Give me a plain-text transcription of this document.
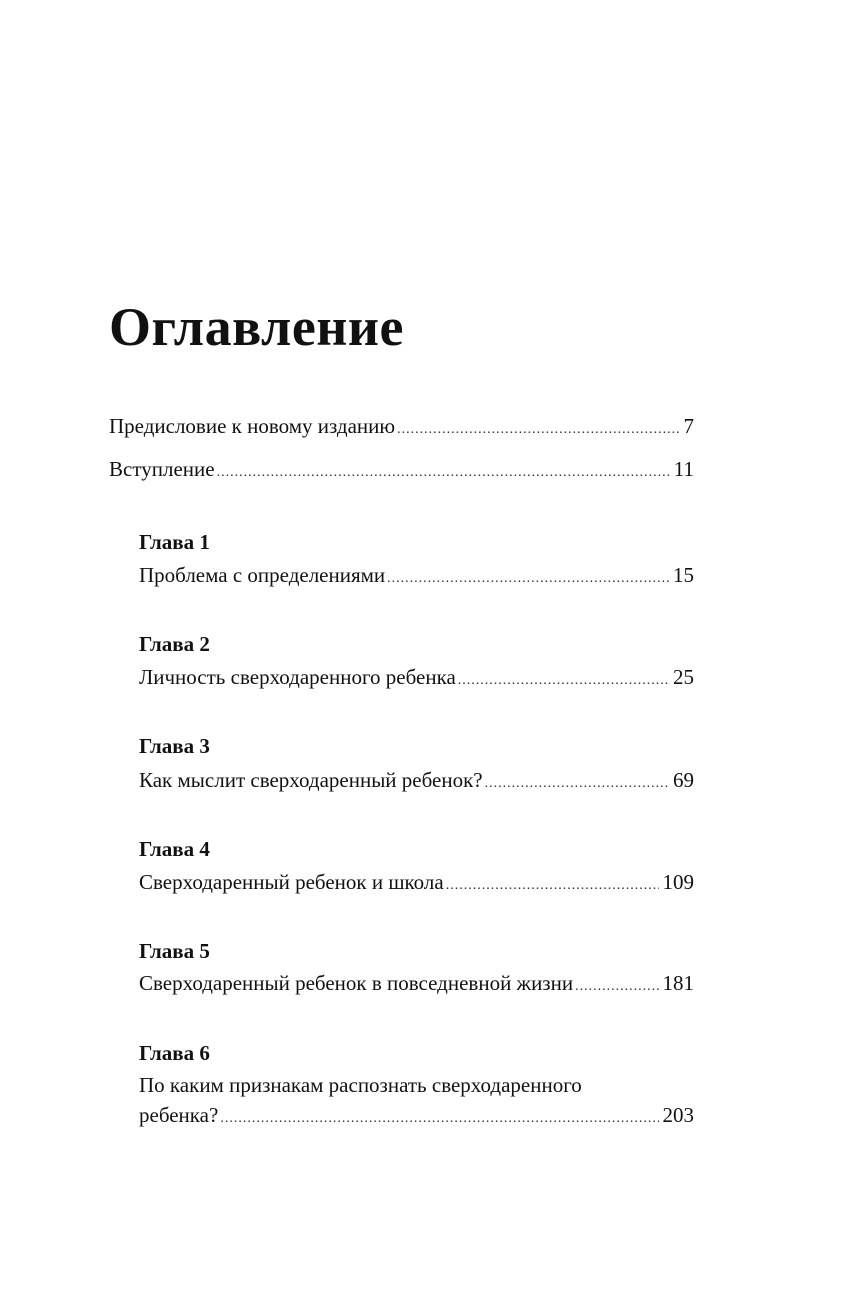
Оглавление
Предисловие к новому изданию .....	7
Вступление .....	11
Глава 1
Проблема с определениями .....	15
Глава 2
Личность сверходаренного ребенка .....	25
Глава 3
Как мыслит сверходаренный ребенок? .....	69
Глава 4
Сверходаренный ребенок и школа .....	109
Глава 5
Сверходаренный ребенок в повседневной жизни .....	181
Глава 6
По каким признакам распознать сверходаренного
ребенка? .....	203
